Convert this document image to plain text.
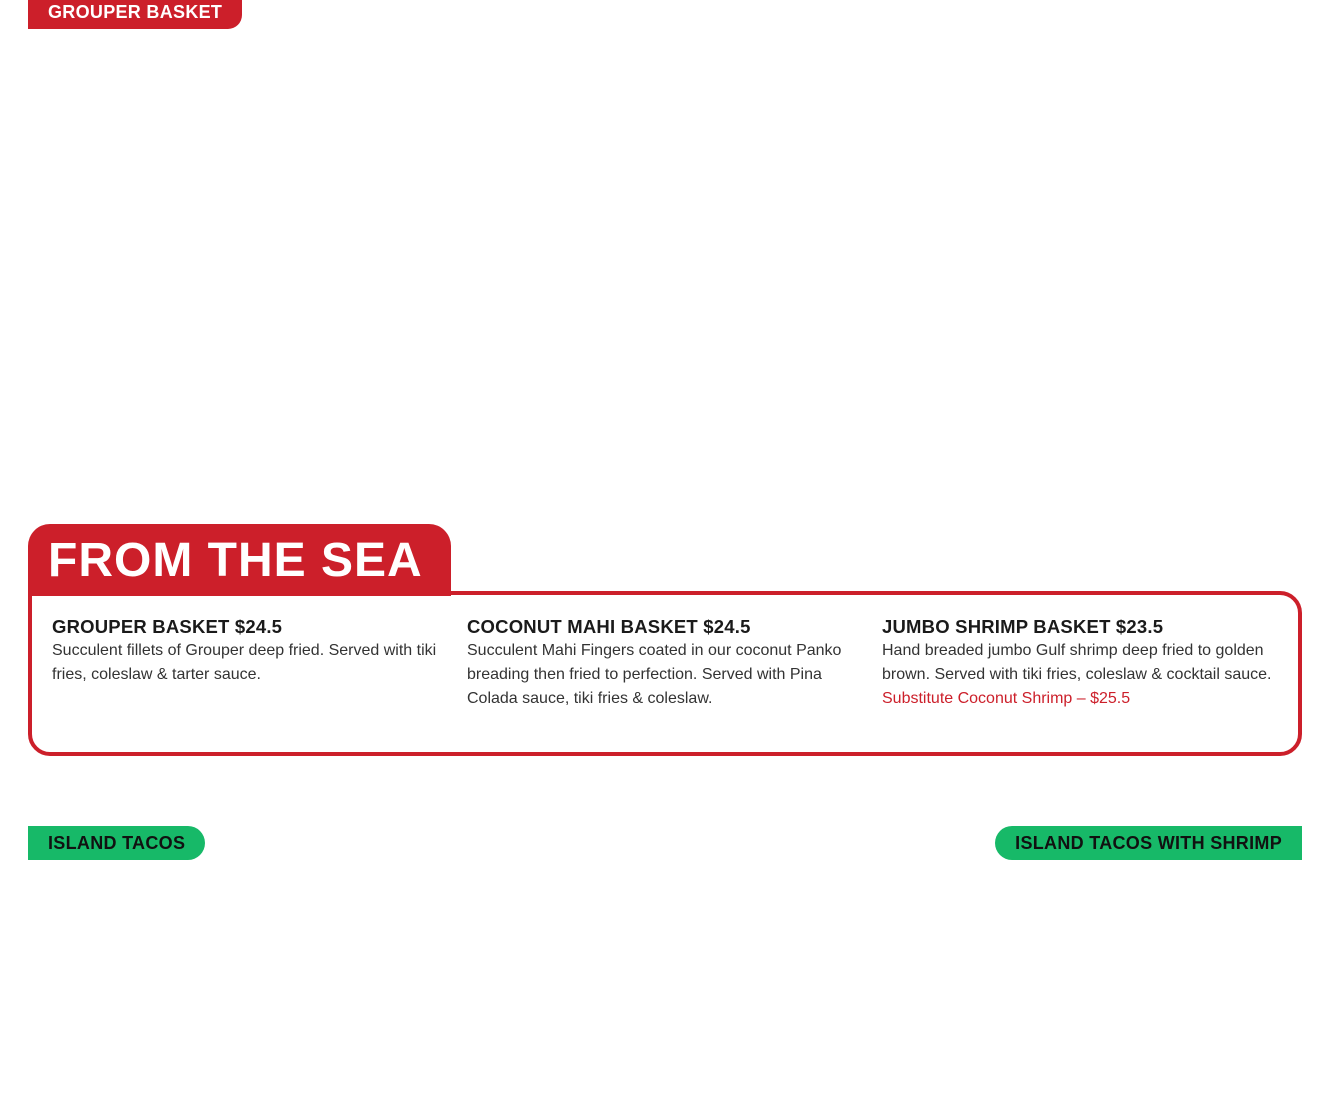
GROUPER BASKET
FROM THE SEA
GROUPER BASKET $24.5
Succulent fillets of Grouper deep fried. Served with tiki fries, coleslaw & tarter sauce.
COCONUT MAHI BASKET $24.5
Succulent Mahi Fingers coated in our coconut Panko breading then fried to perfection. Served with Pina Colada sauce, tiki fries & coleslaw.
JUMBO SHRIMP BASKET $23.5
Hand breaded jumbo Gulf shrimp deep fried to golden brown. Served with tiki fries, coleslaw & cocktail sauce.
Substitute Coconut Shrimp – $25.5
ISLAND TACOS	ISLAND TACOS WITH SHRIMP
